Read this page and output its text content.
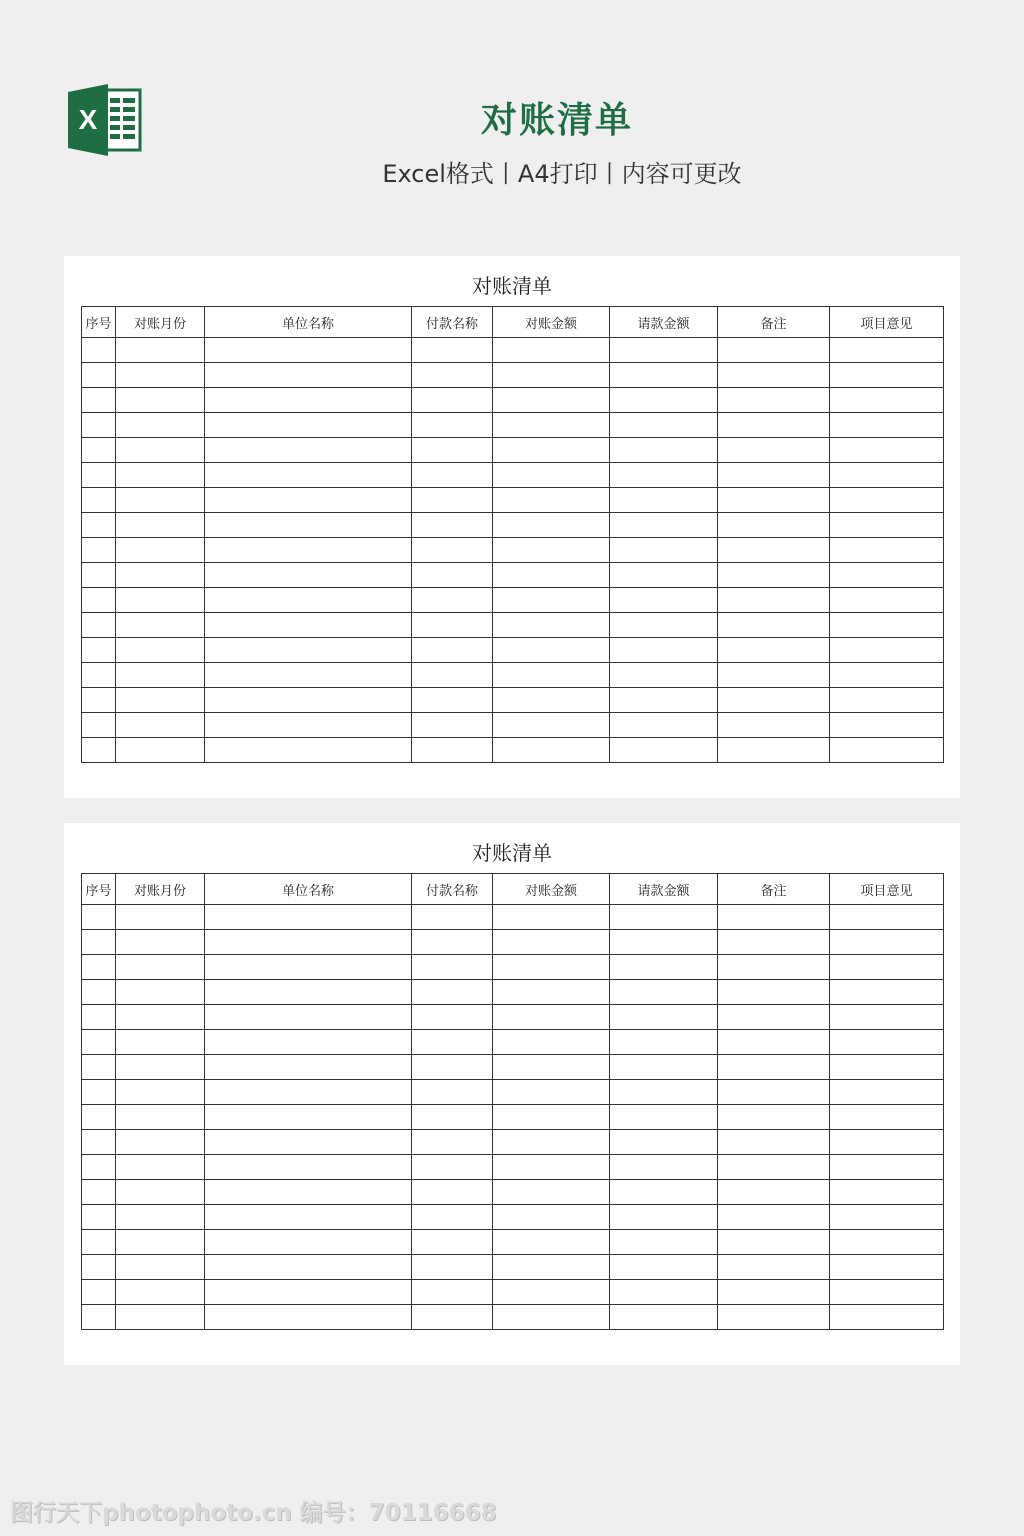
X	对账清单
Excel格式丨A4打印丨内容可更改
对账清单
序号	对账月份	单位名称	付款名称	对账金额	请款金额	备注	项目意见

对账清单
序号	对账月份	单位名称	付款名称	对账金额	请款金额	备注	项目意见

图行天下photophoto.cn 编号：70116668
